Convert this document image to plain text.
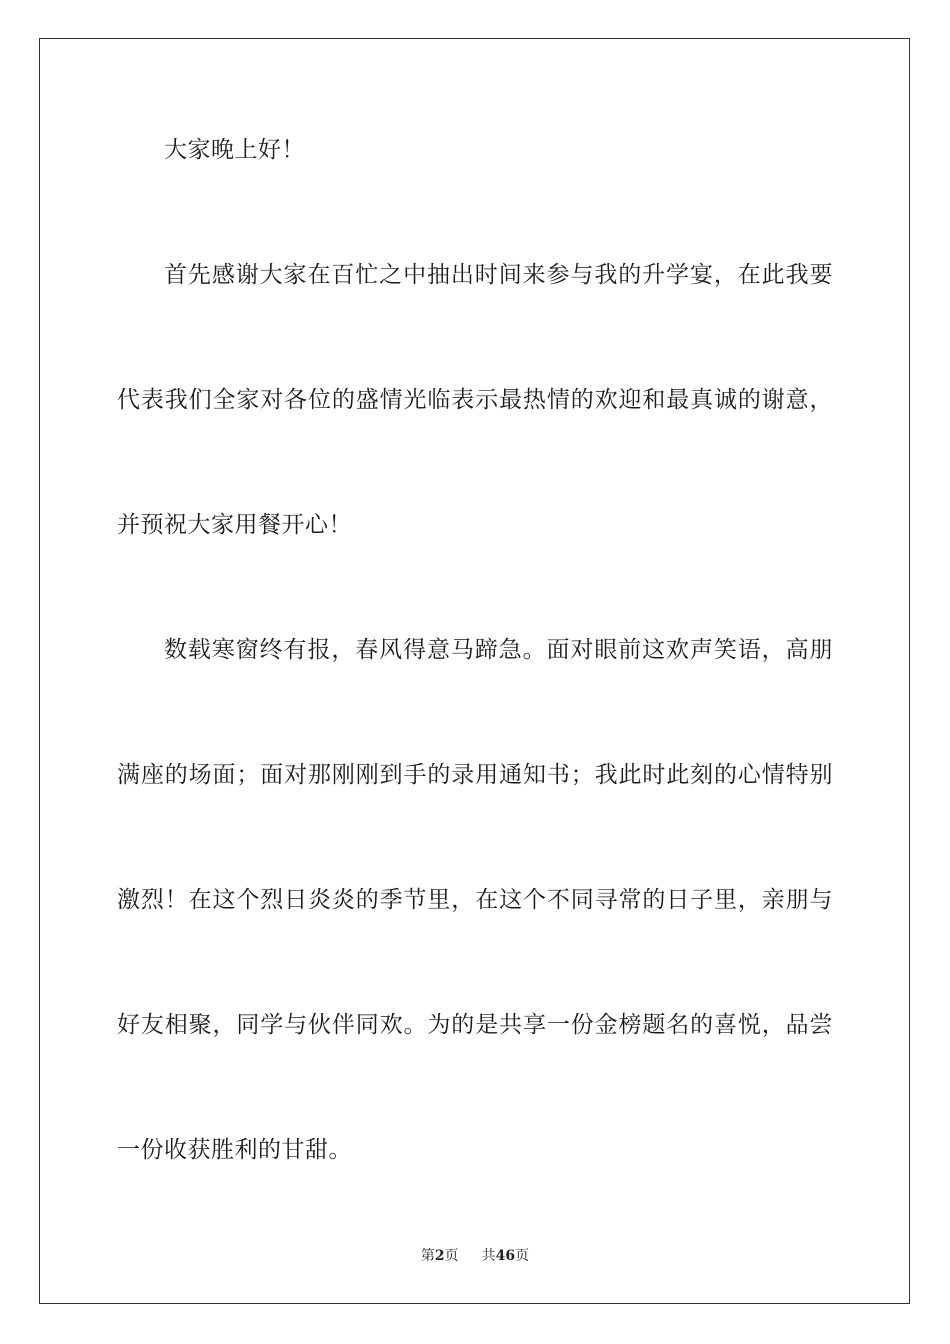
大家晚上好！
首先感谢大家在百忙之中抽出时间来参与我的升学宴，在此我要
代表我们全家对各位的盛情光临表示最热情的欢迎和最真诚的谢意，
并预祝大家用餐开心！
数载寒窗终有报，春风得意马蹄急。面对眼前这欢声笑语，高朋
满座的场面；面对那刚刚到手的录用通知书；我此时此刻的心情特别
激烈！在这个烈日炎炎的季节里，在这个不同寻常的日子里，亲朋与
好友相聚，同学与伙伴同欢。为的是共享一份金榜题名的喜悦，品尝
一份收获胜利的甘甜。
第2页 共46页
